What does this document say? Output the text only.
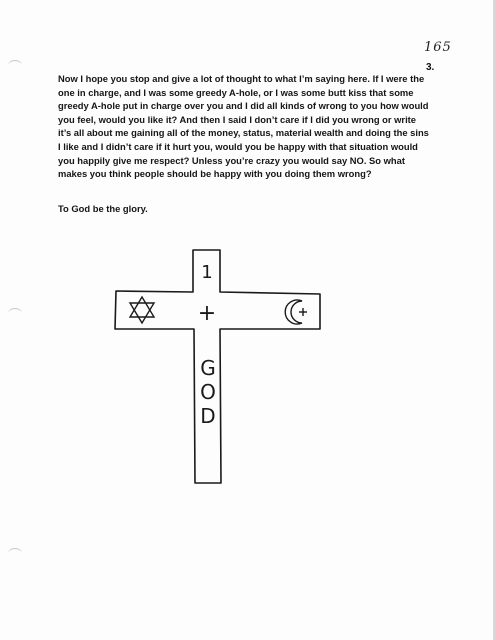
165
3.

Now I hope you stop and give a lot of thought to what I’m saying here. If I were the one in charge, and I was some greedy A-hole, or I was some butt kiss that some greedy A-hole put in charge over you and I did all kinds of wrong to you how would you feel, would you like it? And then I said I don’t care if I did you wrong or write it’s all about me gaining all of the money, status, material wealth and doing the sins I like and I didn’t care if it hurt you, would you be happy with that situation would you happily give me respect? Unless you’re crazy you would say NO. So what makes you think people should be happy with you doing them wrong?

To God be the glory.

1
+
G
O
D
